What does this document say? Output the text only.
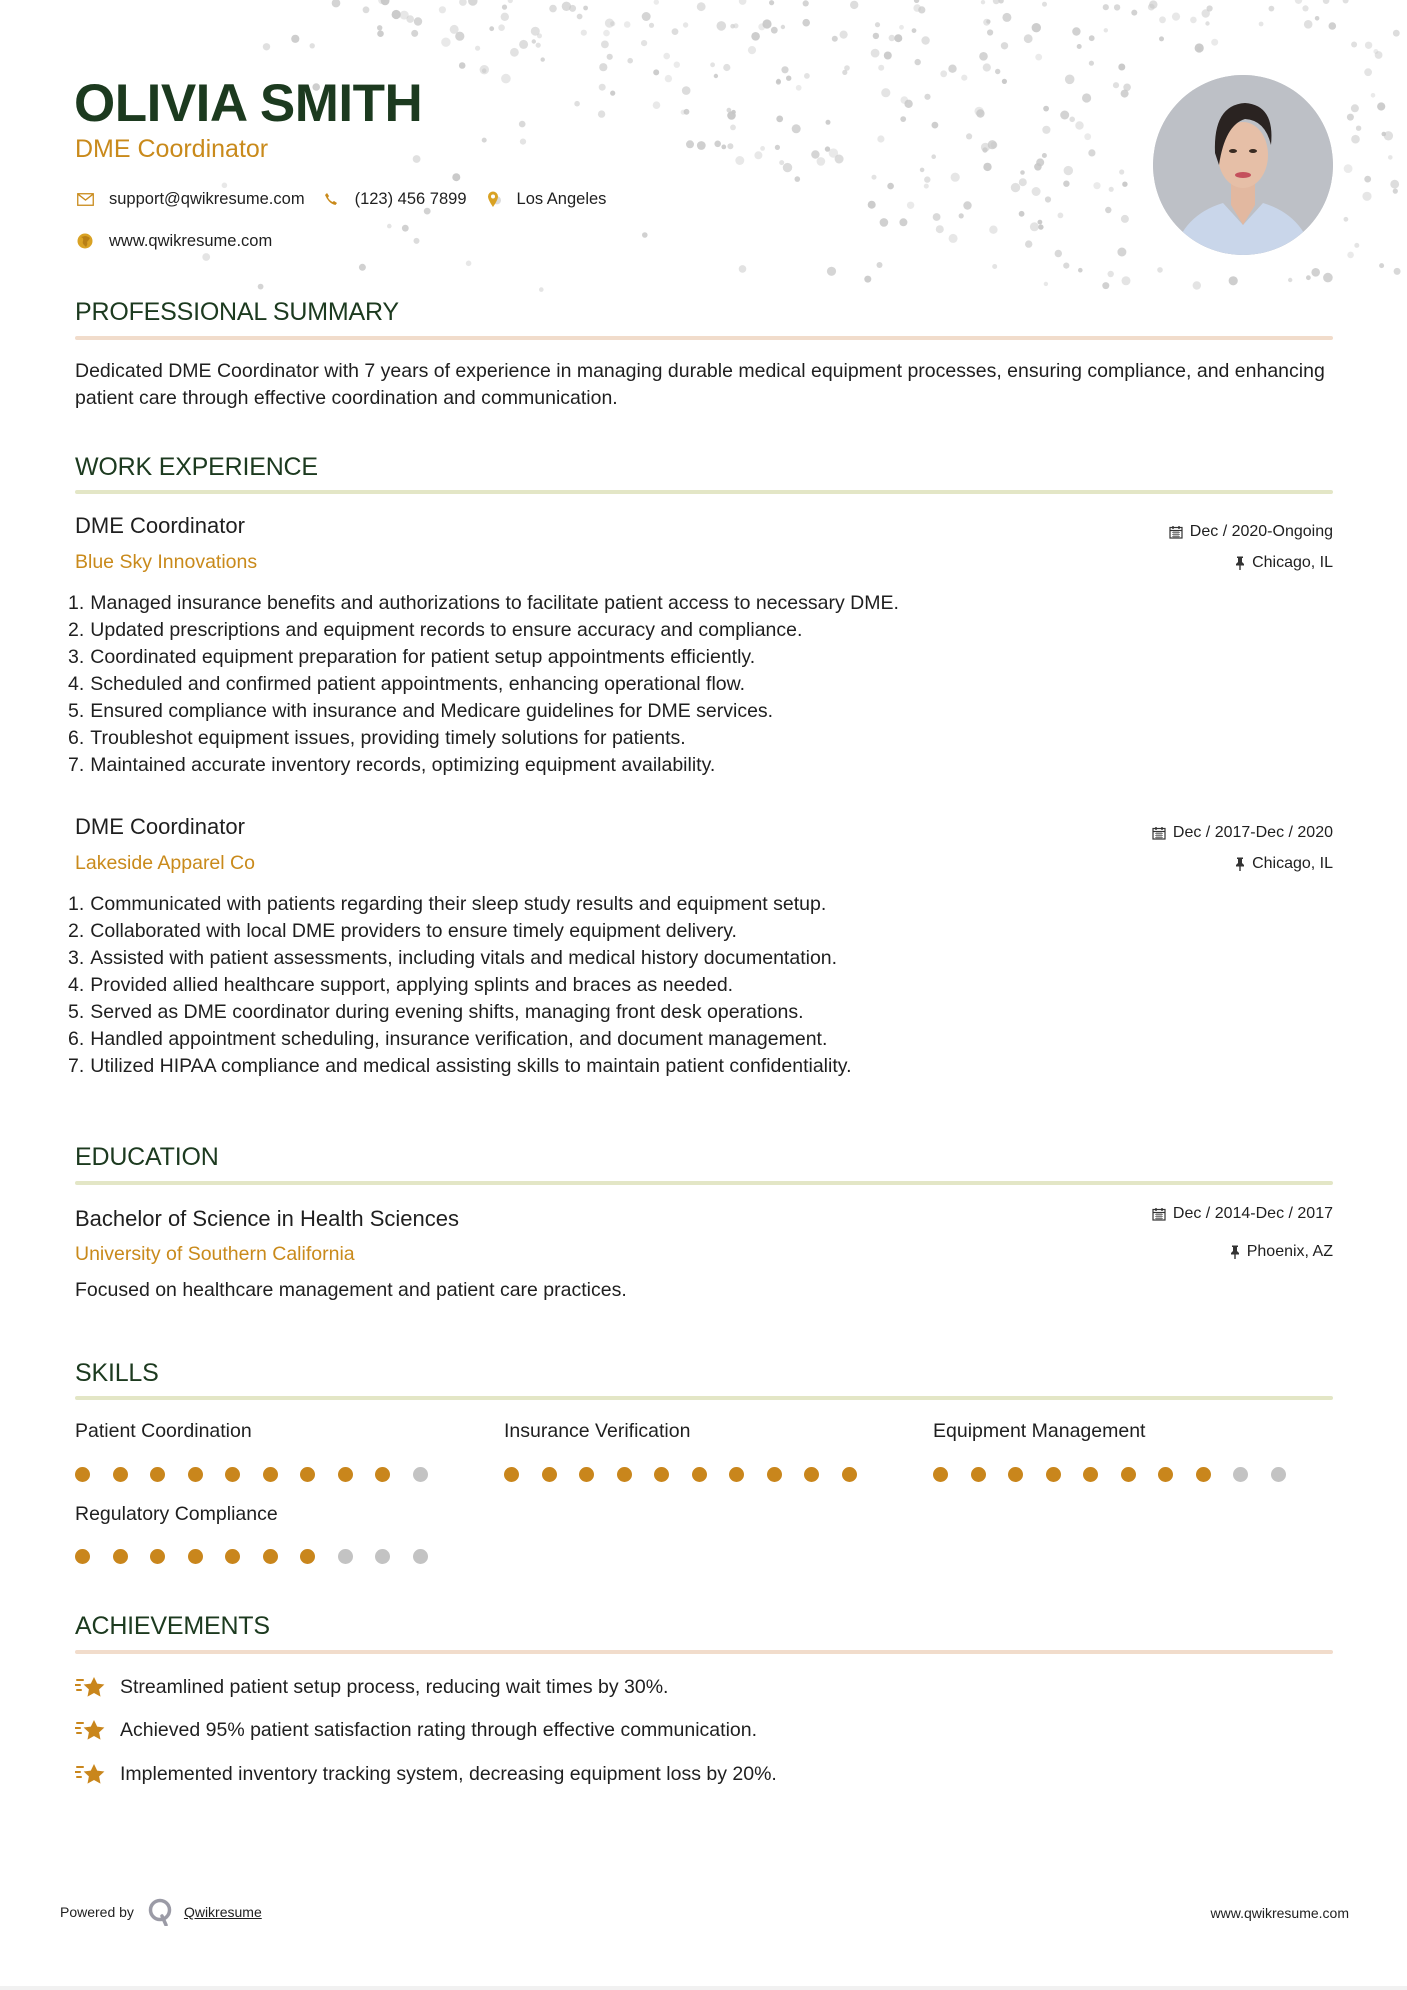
OLIVIA SMITH
DME Coordinator
support@qwikresume.com	(123) 456 7899	Los Angeles
www.qwikresume.com
PROFESSIONAL SUMMARY
Dedicated DME Coordinator with 7 years of experience in managing durable medical equipment processes, ensuring compliance, and enhancing patient care through effective coordination and communication.
WORK EXPERIENCE
DME Coordinator	Dec / 2020-Ongoing
Blue Sky Innovations	Chicago, IL
1. Managed insurance benefits and authorizations to facilitate patient access to necessary DME.
2. Updated prescriptions and equipment records to ensure accuracy and compliance.
3. Coordinated equipment preparation for patient setup appointments efficiently.
4. Scheduled and confirmed patient appointments, enhancing operational flow.
5. Ensured compliance with insurance and Medicare guidelines for DME services.
6. Troubleshot equipment issues, providing timely solutions for patients.
7. Maintained accurate inventory records, optimizing equipment availability.
DME Coordinator	Dec / 2017-Dec / 2020
Lakeside Apparel Co	Chicago, IL
1. Communicated with patients regarding their sleep study results and equipment setup.
2. Collaborated with local DME providers to ensure timely equipment delivery.
3. Assisted with patient assessments, including vitals and medical history documentation.
4. Provided allied healthcare support, applying splints and braces as needed.
5. Served as DME coordinator during evening shifts, managing front desk operations.
6. Handled appointment scheduling, insurance verification, and document management.
7. Utilized HIPAA compliance and medical assisting skills to maintain patient confidentiality.
EDUCATION
Bachelor of Science in Health Sciences	Dec / 2014-Dec / 2017
University of Southern California	Phoenix, AZ
Focused on healthcare management and patient care practices.
SKILLS
Patient Coordination	Insurance Verification	Equipment Management
Regulatory Compliance
ACHIEVEMENTS
Streamlined patient setup process, reducing wait times by 30%.
Achieved 95% patient satisfaction rating through effective communication.
Implemented inventory tracking system, decreasing equipment loss by 20%.
Powered by	Qwikresume	www.qwikresume.com
